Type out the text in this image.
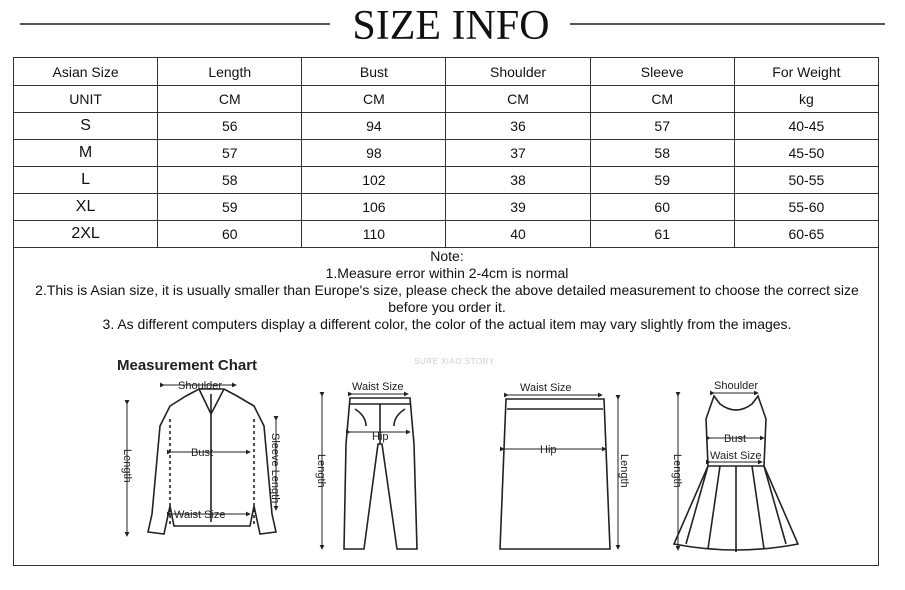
SIZE INFO
Asian Size	Length	Bust	Shoulder	Sleeve	For Weight
UNIT	CM	CM	CM	CM	kg
S	56	94	36	57	40-45
M	57	98	37	58	45-50
L	58	102	38	59	50-55
XL	59	106	39	60	55-60
2XL	60	110	40	61	60-65
Note:
1.Measure error within 2-4cm is normal
2.This is Asian size, it is usually smaller than Europe's size, please check the above detailed measurement to choose the correct size before you order it.
3. As different computers display a different color, the color of the actual item may vary slightly from the images.
Measurement Chart	SURE XIAO STORY
Shoulder
Bust
Waist Size
Length	Sleeve Length
Waist Size
Hip
Length
Waist Size
Hip
Length
Shoulder
Bust
Waist Size
Length
